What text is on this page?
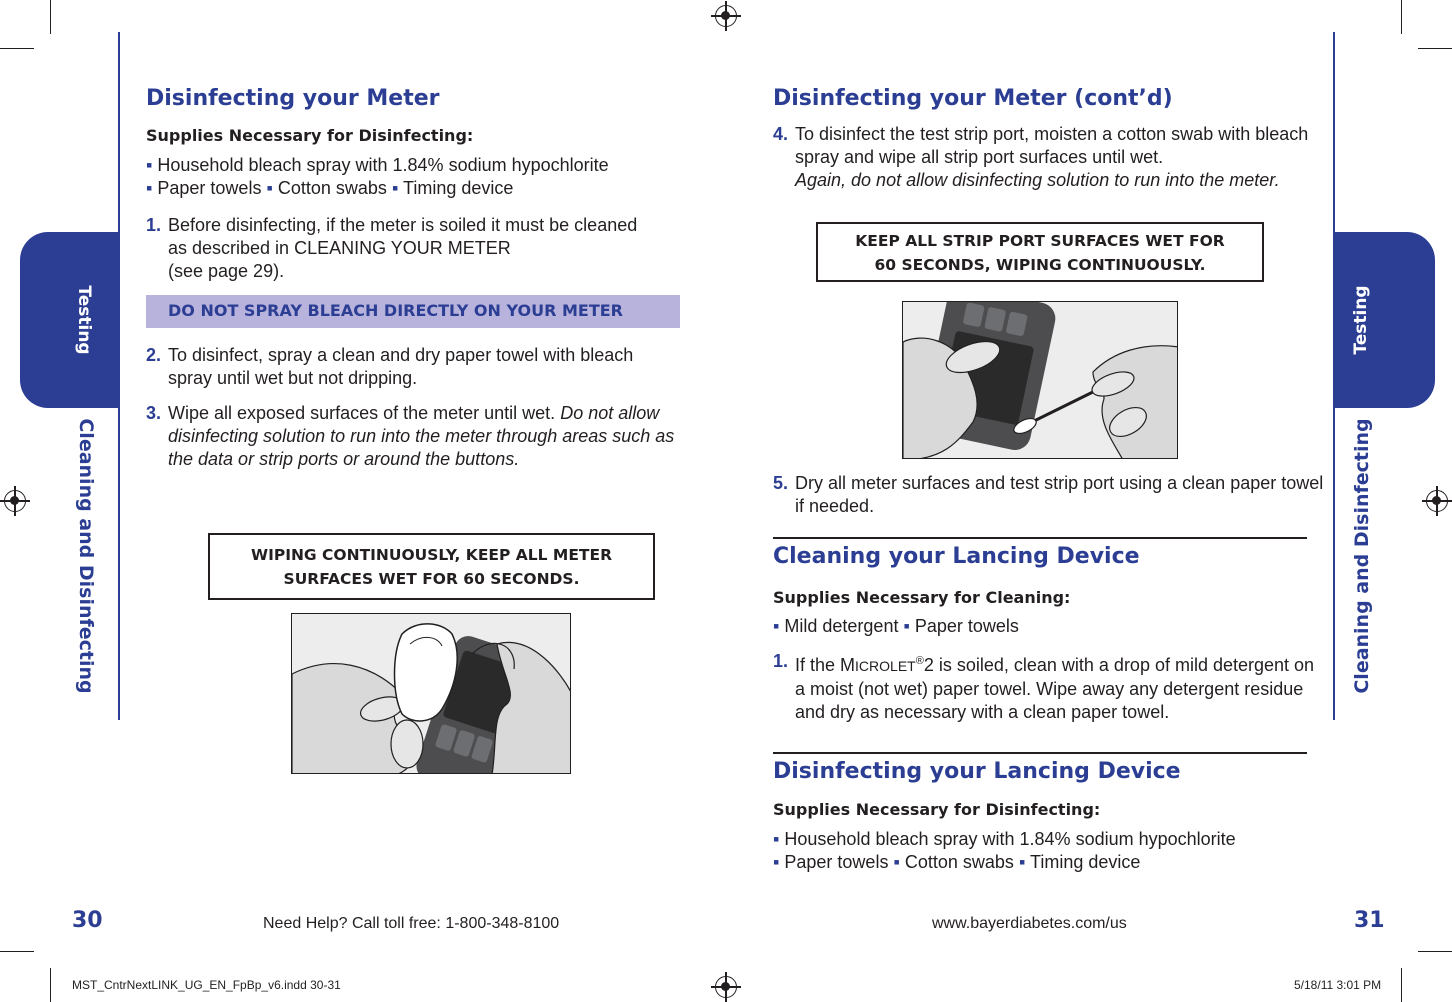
Testing
Cleaning and Disinfecting
Testing
Cleaning and Disinfecting
Disinfecting your Meter
Supplies Necessary for Disinfecting:
▪ Household bleach spray with 1.84% sodium hypochlorite
▪ Paper towels ▪ Cotton swabs ▪ Timing device
1. Before disinfecting, if the meter is soiled it must be cleaned as described in CLEANING YOUR METER
(see page 29).
DO NOT SPRAY BLEACH DIRECTLY ON YOUR METER
2. To disinfect, spray a clean and dry paper towel with bleach spray until wet but not dripping.
3. Wipe all exposed surfaces of the meter until wet. Do not allow disinfecting solution to run into the meter through areas such as the data or strip ports or around the buttons.
WIPING CONTINUOUSLY, KEEP ALL METER
SURFACES WET FOR 60 SECONDS.
Disinfecting your Meter (cont’d)
4. To disinfect the test strip port, moisten a cotton swab with bleach spray and wipe all strip port surfaces until wet.
Again, do not allow disinfecting solution to run into the meter.
KEEP ALL STRIP PORT SURFACES WET FOR
60 SECONDS, WIPING CONTINUOUSLY.
5. Dry all meter surfaces and test strip port using a clean paper towel if needed.
Cleaning your Lancing Device
Supplies Necessary for Cleaning:
▪ Mild detergent ▪ Paper towels
1. If the MICROLET®2 is soiled, clean with a drop of mild detergent on a moist (not wet) paper towel. Wipe away any detergent residue and dry as necessary with a clean paper towel.
Disinfecting your Lancing Device
Supplies Necessary for Disinfecting:
▪ Household bleach spray with 1.84% sodium hypochlorite
▪ Paper towels ▪ Cotton swabs ▪ Timing device
30	Need Help? Call toll free: 1-800-348-8100	www.bayerdiabetes.com/us	31
MST_CntrNextLINK_UG_EN_FpBp_v6.indd 30-31	5/18/11 3:01 PM
